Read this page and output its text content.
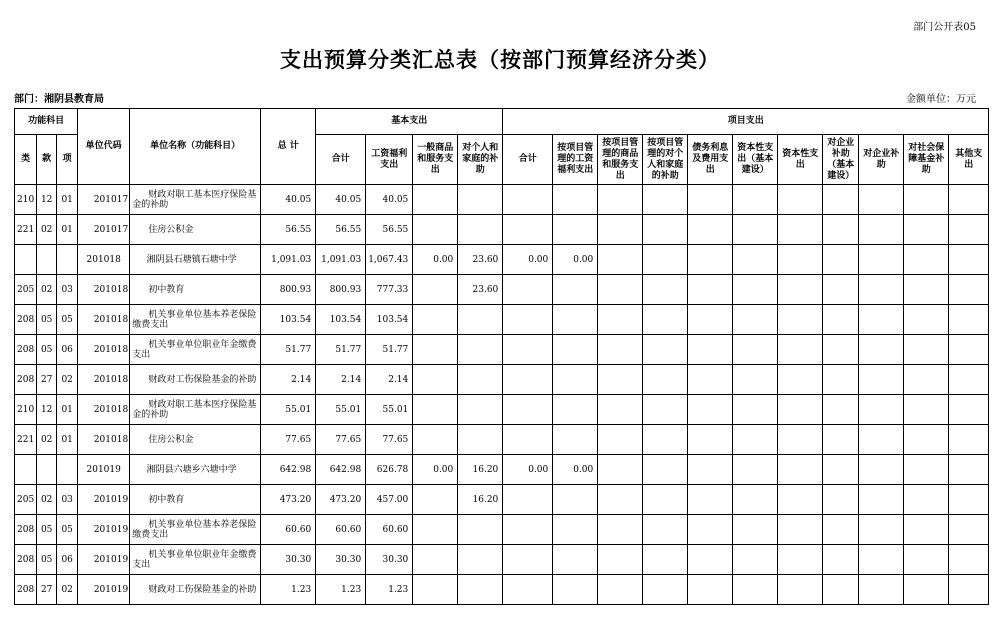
部门公开表05
支出预算分类汇总表（按部门预算经济分类）
部门：湘阴县教育局	金额单位：万元
功能科目			单位代码	单位名称（功能科目）	总 计	基本支出				项目支出										
类	款	项				合计	工资福利支出	一般商品和服务支出	对个人和家庭的补助	合计	按项目管理的工资福利支出	按项目管理的商品和服务支出	按项目管理的对个人和家庭的补助	债务利息及费用支出	资本性支出（基本建设）	资本性支出	对企业补助（基本建设）	对企业补助	对社会保障基金补助	其他支出
210	12	01	201017	财政对职工基本医疗保险基金的补助	40.05	40.05	40.05													
221	02	01	201017	住房公积金	56.55	56.55	56.55													
			201018	湘阴县石塘镇石塘中学	1,091.03	1,091.03	1,067.43	0.00	23.60	0.00	0.00									
205	02	03	201018	初中教育	800.93	800.93	777.33		23.60											
208	05	05	201018	机关事业单位基本养老保险缴费支出	103.54	103.54	103.54													
208	05	06	201018	机关事业单位职业年金缴费支出	51.77	51.77	51.77													
208	27	02	201018	财政对工伤保险基金的补助	2.14	2.14	2.14													
210	12	01	201018	财政对职工基本医疗保险基金的补助	55.01	55.01	55.01													
221	02	01	201018	住房公积金	77.65	77.65	77.65													
			201019	湘阴县六塘乡六塘中学	642.98	642.98	626.78	0.00	16.20	0.00	0.00									
205	02	03	201019	初中教育	473.20	473.20	457.00		16.20											
208	05	05	201019	机关事业单位基本养老保险缴费支出	60.60	60.60	60.60													
208	05	06	201019	机关事业单位职业年金缴费支出	30.30	30.30	30.30													
208	27	02	201019	财政对工伤保险基金的补助	1.23	1.23	1.23													
